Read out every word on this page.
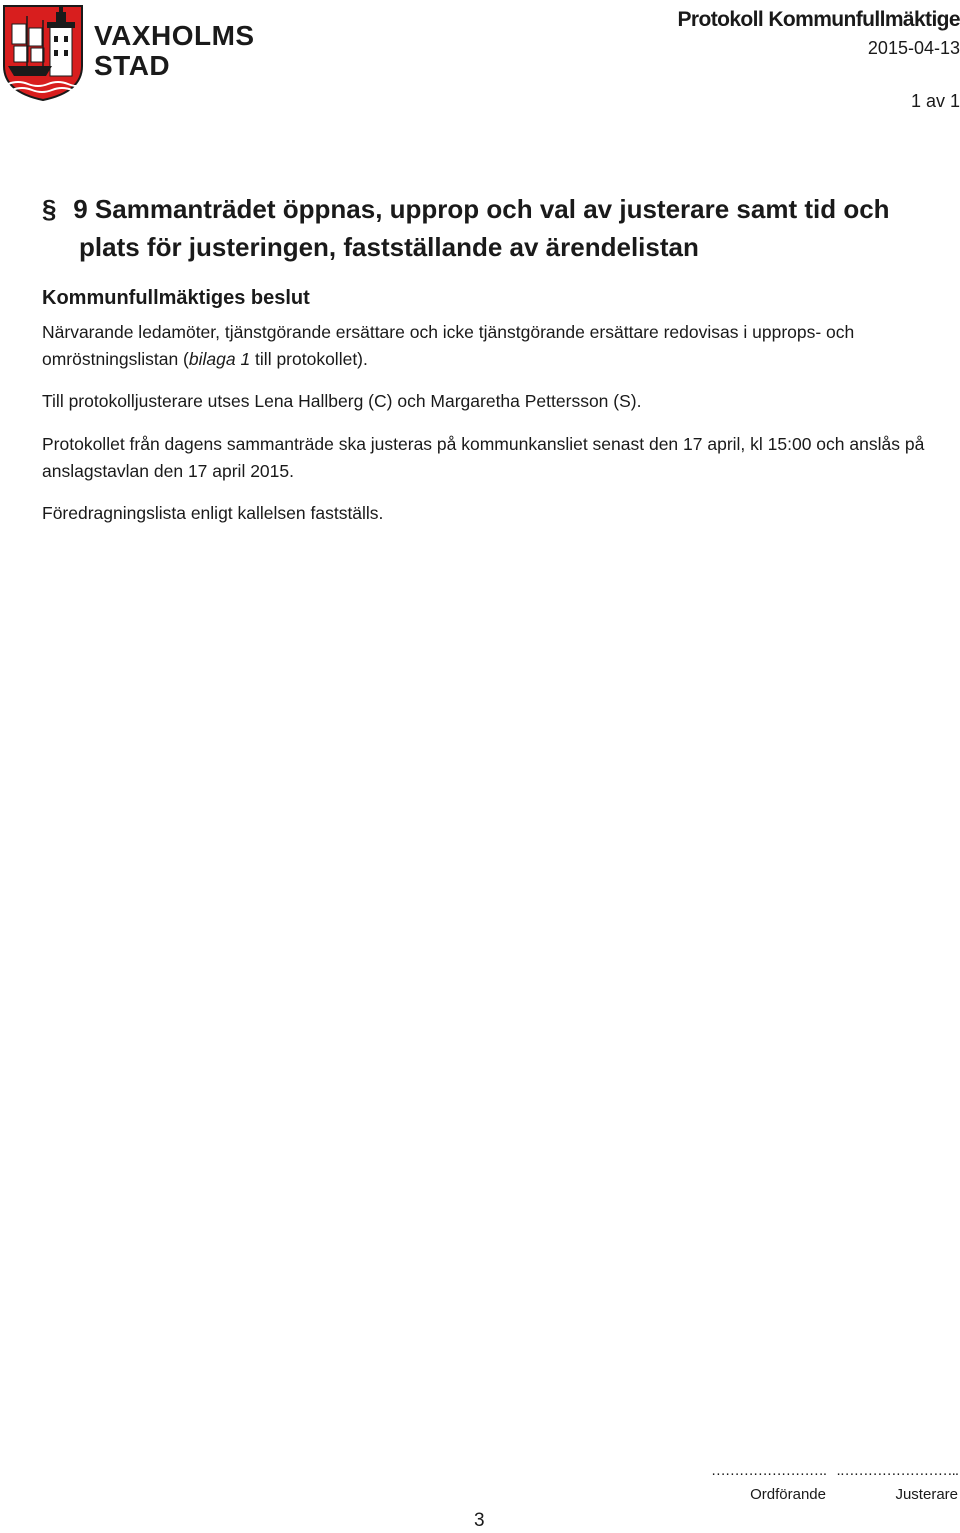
VAXHOLMS
STAD
Protokoll Kommunfullmäktige
2015-04-13
1 av 1
§ 9 Sammanträdet öppnas, upprop och val av justerare samt tid och
plats för justeringen, fastställande av ärendelistan
Kommunfullmäktiges beslut
Närvarande ledamöter, tjänstgörande ersättare och icke tjänstgörande ersättare redovisas i upprops- och omröstningslistan (bilaga 1 till protokollet).
Till protokolljusterare utses Lena Hallberg (C) och Margaretha Pettersson (S).
Protokollet från dagens sammanträde ska justeras på kommunkansliet senast den 17 april, kl 15:00 och anslås på anslagstavlan den 17 april 2015.
Föredragningslista enligt kallelsen fastställs.
3
…………………….
Ordförande
.……………………..
Justerare
